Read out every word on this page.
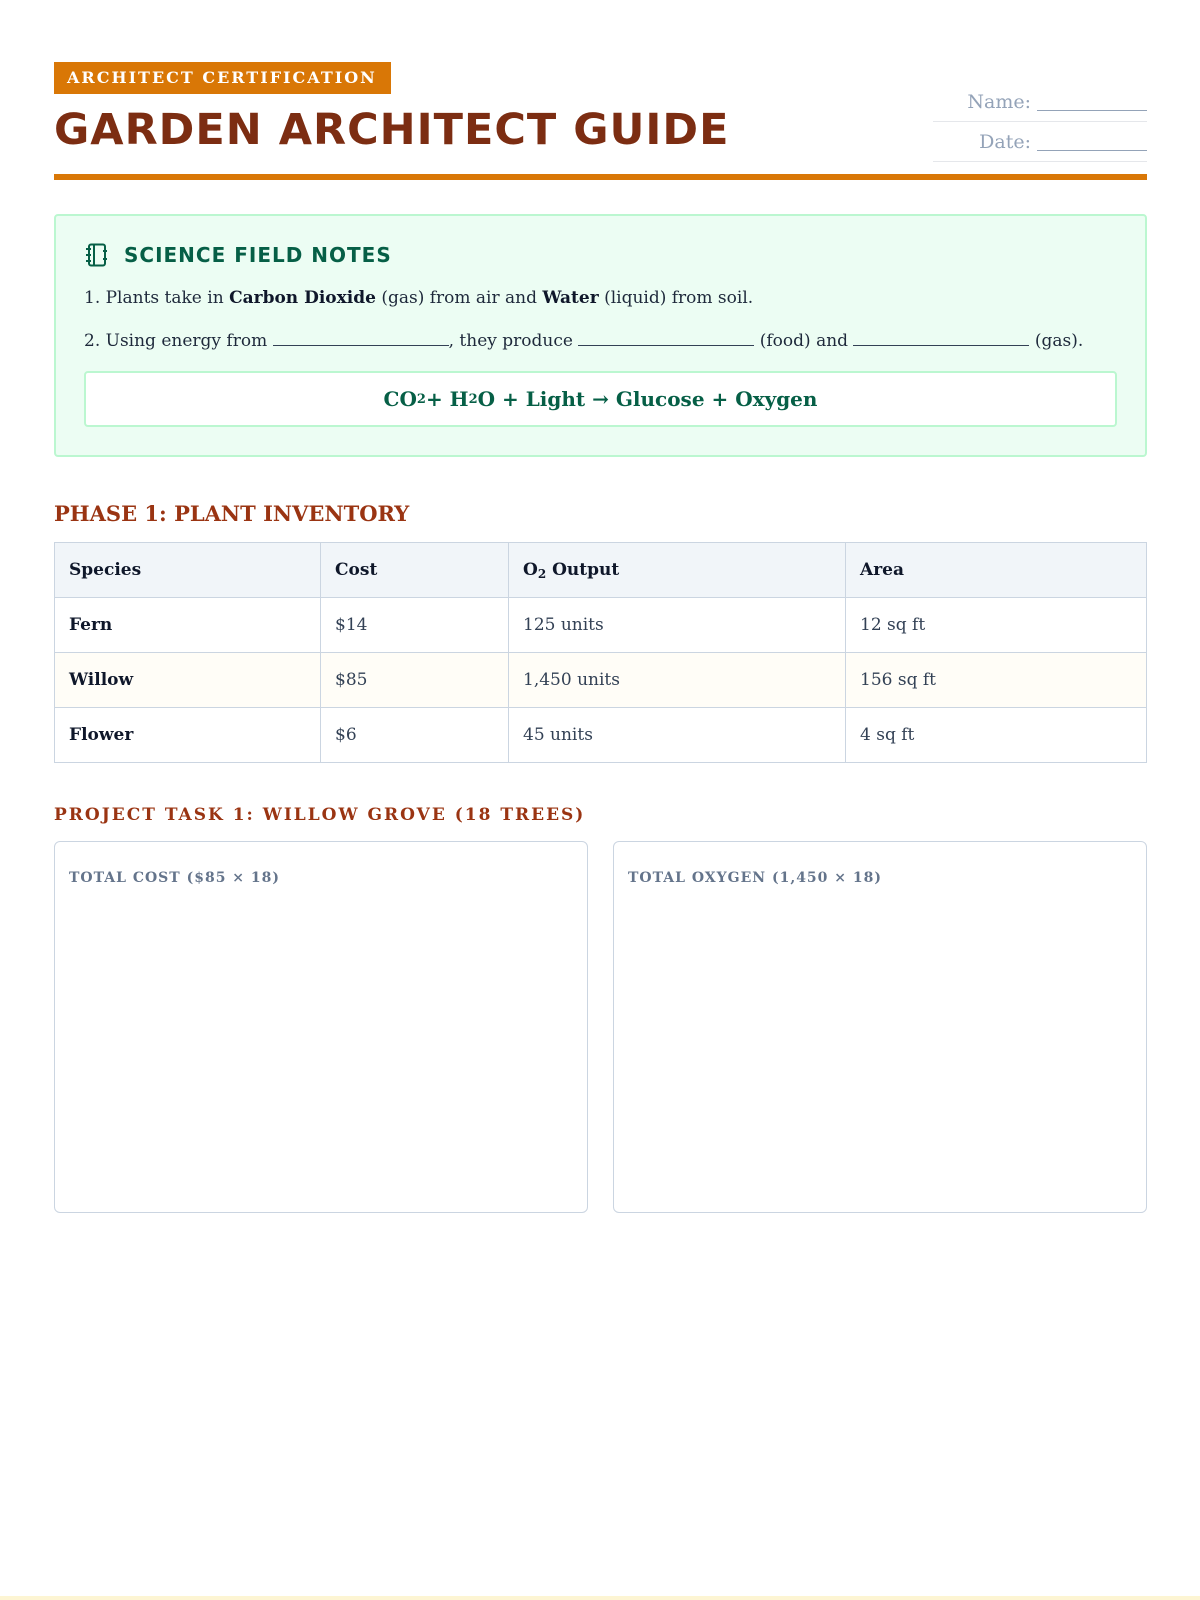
ARCHITECT CERTIFICATION
GARDEN ARCHITECT GUIDE
Name:
Date:
SCIENCE FIELD NOTES
1. Plants take in Carbon Dioxide (gas) from air and Water (liquid) from soil.
2. Using energy from	, they produce	(food) and	(gas).
CO 2 + H 2 O + Light → Glucose + Oxygen
PHASE 1: PLANT INVENTORY
Species	Cost	$O_2$ Output	Area
Fern	$14	125 units	12 sq ft
Willow	$85	1,450 units	156 sq ft
Flower	$6	45 units	4 sq ft
PROJECT TASK 1: WILLOW GROVE (18 TREES)
TOTAL COST ($85 × 18)	TOTAL OXYGEN (1,450 × 18)
